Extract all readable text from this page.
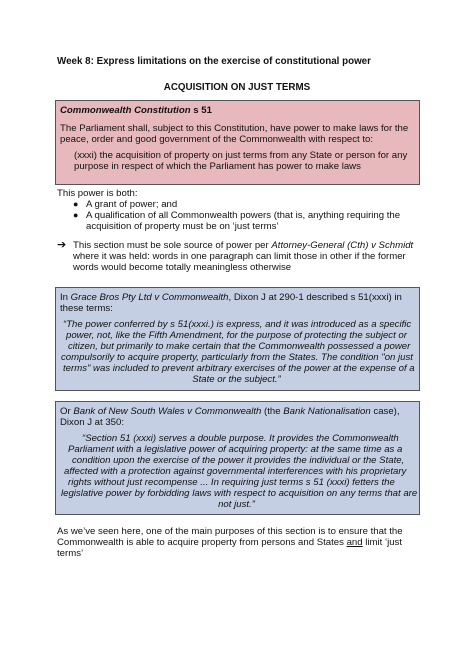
Week 8: Express limitations on the exercise of constitutional power
ACQUISITION ON JUST TERMS
Commonwealth Constitution s 51
The Parliament shall, subject to this Constitution, have power to make laws for the
peace, order and good government of the Commonwealth with respect to:
(xxxi) the acquisition of property on just terms from any State or person for any
purpose in respect of which the Parliament has power to make laws
This power is both:
● A grant of power; and
● A qualification of all Commonwealth powers (that is, anything requiring the
acquisition of property must be on ‘just terms’
➔ This section must be sole source of power per Attorney-General (Cth) v Schmidt
where it was held: words in one paragraph can limit those in other if the former
words would become totally meaningless otherwise
In Grace Bros Pty Ltd v Commonwealth, Dixon J at 290-1 described s 51(xxxi) in
these terms:
“The power conferred by s 51(xxxi.) is express, and it was introduced as a specific
power, not, like the Fifth Amendment, for the purpose of protecting the subject or
citizen, but primarily to make certain that the Commonwealth possessed a power
compulsorily to acquire property, particularly from the States. The condition "on just
terms" was included to prevent arbitrary exercises of the power at the expense of a
State or the subject.”
Or Bank of New South Wales v Commonwealth (the Bank Nationalisation case),
Dixon J at 350:
“Section 51 (xxxi) serves a double purpose. It provides the Commonwealth
Parliament with a legislative power of acquiring property: at the same time as a
condition upon the exercise of the power it provides the individual or the State,
affected with a protection against governmental interferences with his proprietary
rights without just recompense ... In requiring just terms s 51 (xxxi) fetters the
legislative power by forbidding laws with respect to acquisition on any terms that are
not just.”
As we’ve seen here, one of the main purposes of this section is to ensure that the
Commonwealth is able to acquire property from persons and States and limit ‘just
terms’
